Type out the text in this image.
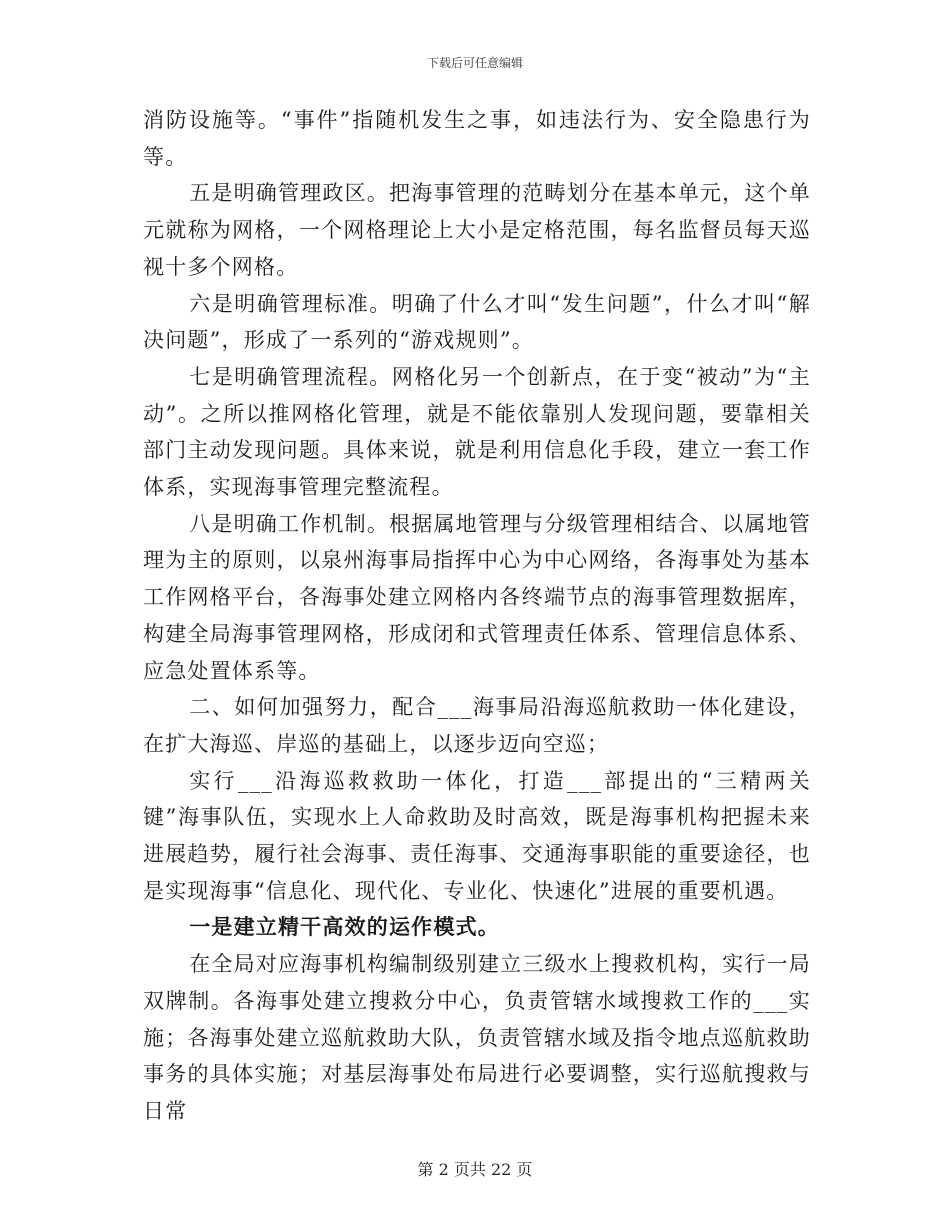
下载后可任意编辑

消防设施等。“事件”指随机发生之事，如违法行为、安全隐患行为等。

五是明确管理政区。把海事管理的范畴划分在基本单元，这个单元就称为网格，一个网格理论上大小是定格范围，每名监督员每天巡视十多个网格。

六是明确管理标准。明确了什么才叫“发生问题”，什么才叫“解决问题”，形成了一系列的“游戏规则”。

七是明确管理流程。网格化另一个创新点，在于变“被动”为“主动”。之所以推网格化管理，就是不能依靠别人发现问题，要靠相关部门主动发现问题。具体来说，就是利用信息化手段，建立一套工作体系，实现海事管理完整流程。

八是明确工作机制。根据属地管理与分级管理相结合、以属地管理为主的原则，以泉州海事局指挥中心为中心网络，各海事处为基本工作网格平台，各海事处建立网格内各终端节点的海事管理数据库，构建全局海事管理网格，形成闭和式管理责任体系、管理信息体系、应急处置体系等。

二、如何加强努力，配合___海事局沿海巡航救助一体化建设，在扩大海巡、岸巡的基础上，以逐步迈向空巡；

实行___沿海巡救救助一体化，打造___部提出的“三精两关键”海事队伍，实现水上人命救助及时高效，既是海事机构把握未来进展趋势，履行社会海事、责任海事、交通海事职能的重要途径，也是实现海事“信息化、现代化、专业化、快速化”进展的重要机遇。

一是建立精干高效的运作模式。

在全局对应海事机构编制级别建立三级水上搜救机构，实行一局双牌制。各海事处建立搜救分中心，负责管辖水域搜救工作的___实施；各海事处建立巡航救助大队，负责管辖水域及指令地点巡航救助事务的具体实施；对基层海事处布局进行必要调整，实行巡航搜救与日常

第 2 页共 22 页
